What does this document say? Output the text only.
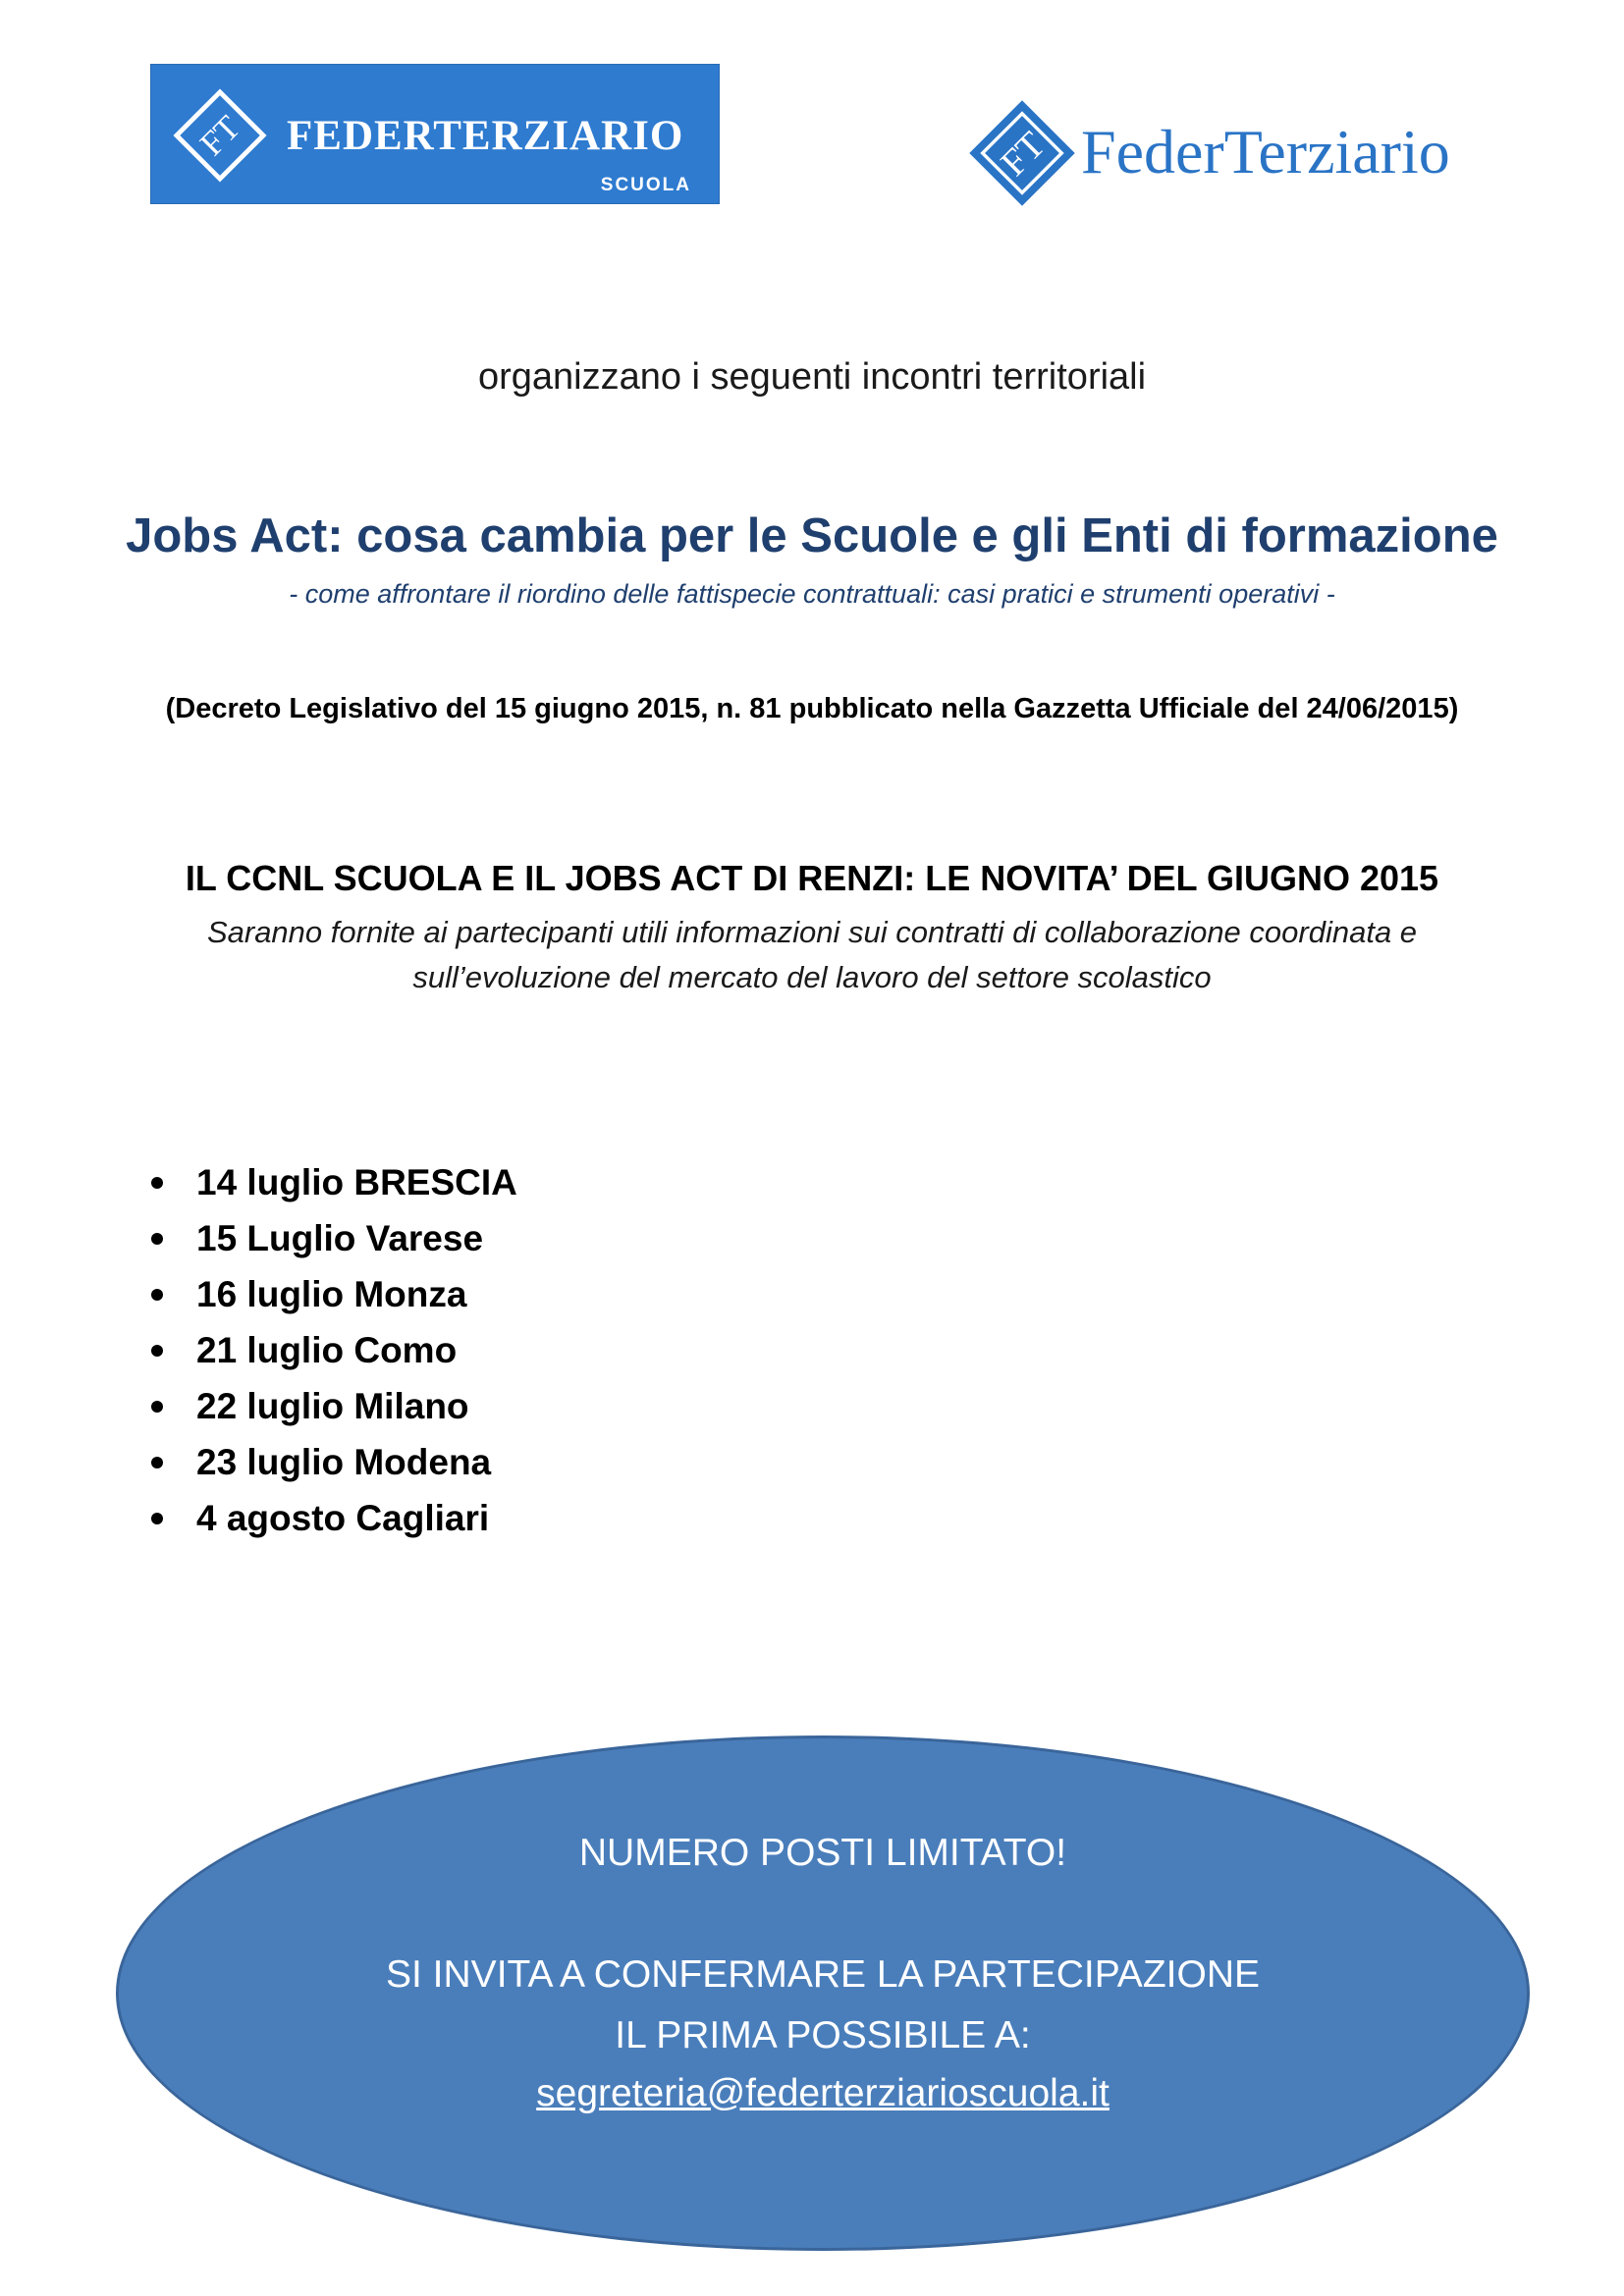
FT FEDERTERZIARIO
SCUOLA
FT FederTerziario
organizzano i seguenti incontri territoriali
Jobs Act: cosa cambia per le Scuole e gli Enti di formazione
- come affrontare il riordino delle fattispecie contrattuali: casi pratici e strumenti operativi -
(Decreto Legislativo del 15 giugno 2015, n. 81 pubblicato nella Gazzetta Ufficiale del 24/06/2015)
IL CCNL SCUOLA E IL JOBS ACT DI RENZI: LE NOVITA’ DEL GIUGNO 2015
Saranno fornite ai partecipanti utili informazioni sui contratti di collaborazione coordinata e
sull’evoluzione del mercato del lavoro del settore scolastico
14 luglio BRESCIA
15 Luglio Varese
16 luglio Monza
21 luglio Como
22 luglio Milano
23 luglio Modena
4 agosto Cagliari
NUMERO POSTI LIMITATO!
SI INVITA A CONFERMARE LA PARTECIPAZIONE
IL PRIMA POSSIBILE A:
segreteria@federterziarioscuola.it
